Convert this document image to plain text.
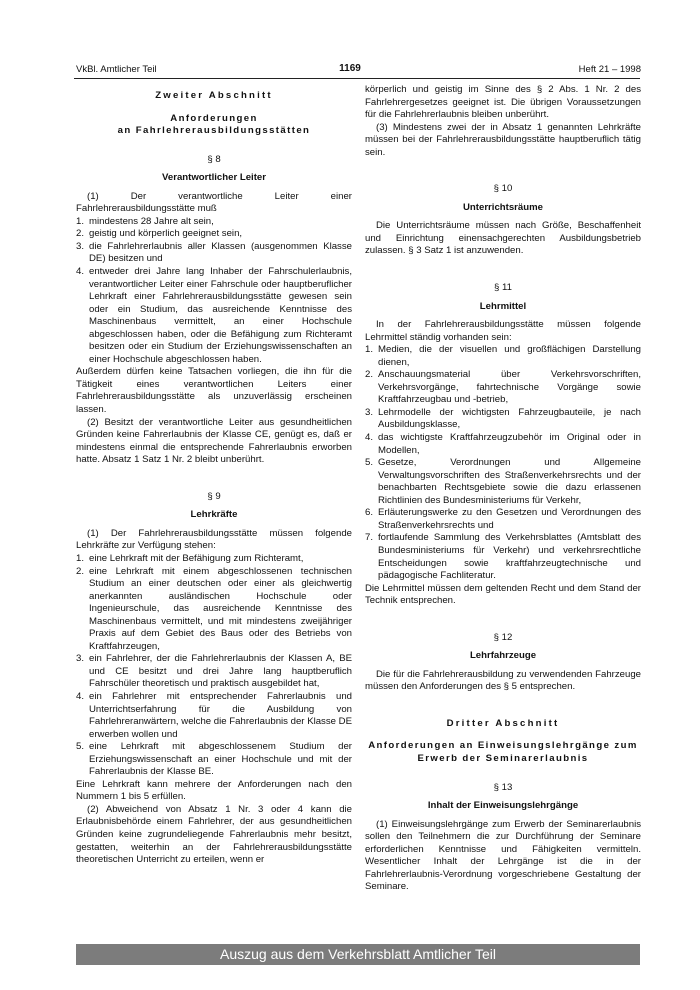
VkBl. Amtlicher Teil	1169	Heft 21 – 1998

Zweiter Abschnitt

Anforderungen

an Fahrlehrerausbildungsstätten

§ 8

Verantwortlicher Leiter

(1) Der verantwortliche Leiter einer Fahrlehrerausbildungsstätte muß

1. mindestens 28 Jahre alt sein,
2. geistig und körperlich geeignet sein,
3. die Fahrlehrerlaubnis aller Klassen (ausgenommen Klasse DE) besitzen und
4. entweder drei Jahre lang Inhaber der Fahrschulerlaubnis, verantwortlicher Leiter einer Fahrschule oder hauptberuflicher Lehrkraft einer Fahrlehrerausbildungsstätte gewesen sein oder ein Studium, das ausreichende Kenntnisse des Maschinenbaus vermittelt, an einer Hochschule abgeschlossen haben, oder die Befähigung zum Richteramt besitzen oder ein Studium der Erziehungswissenschaften an einer Hochschule abgeschlossen haben.

Außerdem dürfen keine Tatsachen vorliegen, die ihn für die Tätigkeit eines verantwortlichen Leiters einer Fahrlehrerausbildungsstätte als unzuverlässig erscheinen lassen.

(2) Besitzt der verantwortliche Leiter aus gesundheitlichen Gründen keine Fahrerlaubnis der Klasse CE, genügt es, daß er mindestens einmal die entsprechende Fahrerlaubnis erworben hatte. Absatz 1 Satz 1 Nr. 2 bleibt unberührt.

§ 9

Lehrkräfte

(1) Der Fahrlehrerausbildungsstätte müssen folgende Lehrkräfte zur Verfügung stehen:

1. eine Lehrkraft mit der Befähigung zum Richteramt,
2. eine Lehrkraft mit einem abgeschlossenen technischen Studium an einer deutschen oder einer als gleichwertig anerkannten ausländischen Hochschule oder Ingenieurschule, das ausreichende Kenntnisse des Maschinenbaus vermittelt, und mit mindestens zweijähriger Praxis auf dem Gebiet des Baus oder des Betriebs von Kraftfahrzeugen,
3. ein Fahrlehrer, der die Fahrlehrerlaubnis der Klassen A, BE und CE besitzt und drei Jahre lang hauptberuflich Fahrschüler theoretisch und praktisch ausgebildet hat,
4. ein Fahrlehrer mit entsprechender Fahrerlaubnis und Unterrichtserfahrung für die Ausbildung von Fahrlehreranwärtern, welche die Fahrerlaubnis der Klasse DE erwerben wollen und
5. eine Lehrkraft mit abgeschlossenem Studium der Erziehungswissenschaft an einer Hochschule und mit der Fahrerlaubnis der Klasse BE.

Eine Lehrkraft kann mehrere der Anforderungen nach den Nummern 1 bis 5 erfüllen.

(2) Abweichend von Absatz 1 Nr. 3 oder 4 kann die Erlaubnisbehörde einem Fahrlehrer, der aus gesundheitlichen Gründen keine zugrundeliegende Fahrerlaubnis mehr besitzt, gestatten, weiterhin an der Fahrlehrerausbildungsstätte theoretischen Unterricht zu erteilen, wenn er

körperlich und geistig im Sinne des § 2 Abs. 1 Nr. 2 des Fahrlehrergesetzes geeignet ist. Die übrigen Voraussetzungen für die Fahrlehrerlaubnis bleiben unberührt.

(3) Mindestens zwei der in Absatz 1 genannten Lehrkräfte müssen bei der Fahrlehrerausbildungsstätte hauptberuflich tätig sein.

§ 10

Unterrichtsräume

Die Unterrichtsräume müssen nach Größe, Beschaffenheit und Einrichtung einensachgerechten Ausbildungsbetrieb zulassen. § 3 Satz 1 ist anzuwenden.

§ 11

Lehrmittel

In der Fahrlehrerausbildungsstätte müssen folgende Lehrmittel ständig vorhanden sein:

1. Medien, die der visuellen und großflächigen Darstellung dienen,
2. Anschauungsmaterial über Verkehrsvorschriften, Verkehrsvorgänge, fahrtechnische Vorgänge sowie Kraftfahrzeugbau und -betrieb,
3. Lehrmodelle der wichtigsten Fahrzeugbauteile, je nach Ausbildungsklasse,
4. das wichtigste Kraftfahrzeugzubehör im Original oder in Modellen,
5. Gesetze, Verordnungen und Allgemeine Verwaltungsvorschriften des Straßenverkehrsrechts und der benachbarten Rechtsgebiete sowie die dazu erlassenen Richtlinien des Bundesministeriums für Verkehr,
6. Erläuterungswerke zu den Gesetzen und Verordnungen des Straßenverkehrsrechts und
7. fortlaufende Sammlung des Verkehrsblattes (Amtsblatt des Bundesministeriums für Verkehr) und verkehrsrechtliche Entscheidungen sowie kraftfahrzeugtechnische und pädagogische Fachliteratur.

Die Lehrmittel müssen dem geltenden Recht und dem Stand der Technik entsprechen.

§ 12

Lehrfahrzeuge

Die für die Fahrlehrerausbildung zu verwendenden Fahrzeuge müssen den Anforderungen des § 5 entsprechen.

Dritter Abschnitt

Anforderungen an Einweisungslehrgänge zum Erwerb der Seminarerlaubnis

§ 13

Inhalt der Einweisungslehrgänge

(1) Einweisungslehrgänge zum Erwerb der Seminarerlaubnis sollen den Teilnehmern die zur Durchführung der Seminare erforderlichen Kenntnisse und Fähigkeiten vermitteln. Wesentlicher Inhalt der Lehrgänge ist die in der Fahrlehrerlaubnis-Verordnung vorgeschriebene Gestaltung der Seminare.

Auszug aus dem Verkehrsblatt Amtlicher Teil
